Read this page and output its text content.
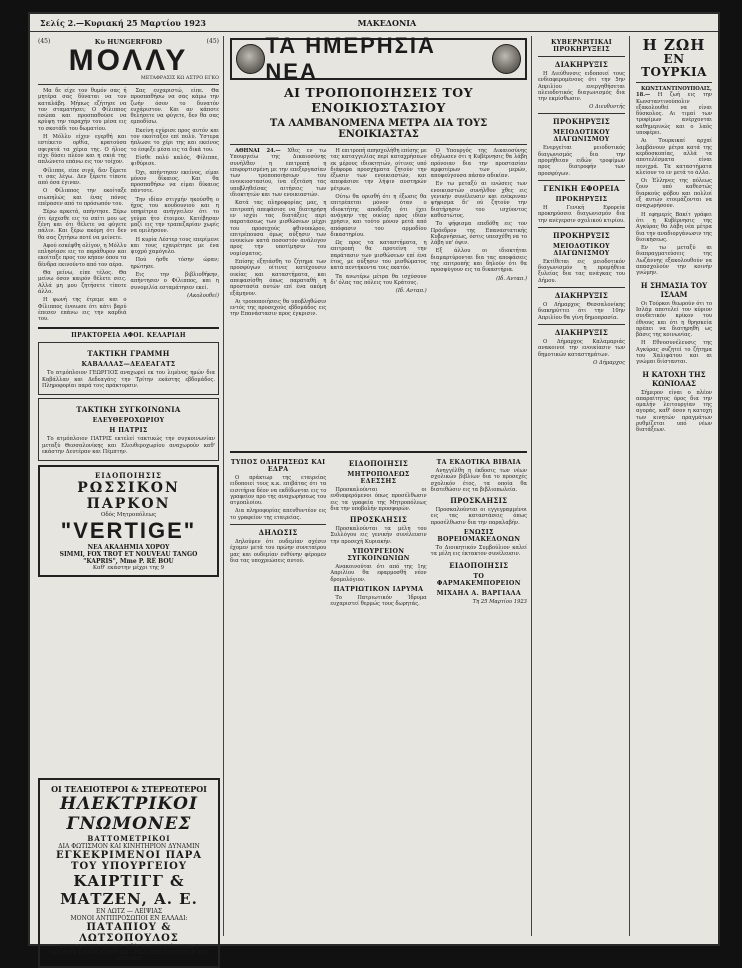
Σελίς 2.—Κυριακή 25 Μαρτίου 1923	ΜΑΚΕΔΟΝΙΑ
(45)	Κυ HUNGERFORD	(45)
ΜΟΛΛΥ
ΜΕΤΑΦΡΑΣΙΣ ΚΩ ΑΣΤΡΟ ΕΓΚΟ

Μα δε είχε τον θυμόν σας ή μητέρα σας δύναται να τον καταλάβη. Μήπως εζήτησε να τον σταματήσει; Ο Φίλιππος εσώπα και προσπαθούσε να κρύψη την ταραχήν του μέσα εις το σκοτάδι του δωματίου.

Η Μόλλυ είχεν εγερθή και εστέκετο ορθία, κρατούσα σφιγκτά τα χέρια της. Ο ήλιος είχε δύσει πλέον και η σκιά της απλώνετο επάνω εις τον τοίχον.

Φίλιππε, είπε σιγά, δεν ξέρετε τι σας λέγω. Δεν ξέρετε τίποτε από όσα έγιναν.

Ο Φίλιππος την εκοίταξε σιωπηλώς και ένας πόνος επέρασεν από το πρόσωπόν του.

Ξέρω αρκετά, απήντησε. Ξέρω ότι έρχεσθε εις το σπίτι μου ως ξένη και ότι θέλετε να φύγετε πάλιν. Και ξέρω ακόμη ότι δεν θα σας ζητήσω ποτέ να μείνετε.

Αφού εσκέφθη ολίγον, η Μόλλυ επλησίασε εις το παράθυρον και εκοίταξε προς τον κήπον όπου τα δένδρα εκινούντο από τον αέρα.

Θα μείνω, είπε τέλος. Θα μείνω όσον καιρόν θέλετε σεις. Αλλά μη μου ζητήσετε τίποτε άλλο.

Η φωνή της έτρεμε και ο Φίλιππος ένοιωσε ότι κάτι βαρύ έπεσεν επάνω εις την καρδιά του.

Σας ευχαριστώ, είπε. Θα προσπαθήσω να σας κάμω την ζωήν όσον το δυνατόν ευχάριστον. Και αν κάποτε θελήσετε να φύγετε, δεν θα σας εμποδίσω.

Εκείνη εγύρισε προς αυτόν και τον εκοίταξεν επί πολύ. Ύστερα ήπλωσε το χέρι της και εκείνος το έσφιξε μέσα εις τα δικά του.

Είσθε πολύ καλός, Φίλιππε, ψιθύρισε.

Όχι, απήντησεν εκείνος, είμαι μόνον δίκαιος. Και θα προσπαθήσω να είμαι δίκαιος πάντοτε.

Την ιδίαν στιγμήν ηκούσθη ο ήχος του κουδουνιού και η υπηρέτρια ανήγγειλεν ότι το γεύμα ήτο έτοιμον. Κατέβησαν μαζί εις την τραπεζαρίαν χωρίς να ομιλήσουν.

Η κυρία Λέστερ τους επερίμενε και τους εχαιρέτησε με ένα ψυχρό χαμόγελο.

Πού ήσθε τόσην ώραν; ηρώτησε.

Εις την βιβλιοθήκην, απήντησεν ο Φίλιππος, και η συνομιλία εσταμάτησεν εκεί.

(Ακολουθεί)

ΠΡΑΚΤΟΡΕΙΑ ΑΦΟΙ. ΚΕΛΑΡΙΔΗ
ΤΑΚΤΙΚΗ ΓΡΑΜΜΗ
ΚΑΒΑΛΛΑΣ—ΔΕΔΕΑΓΑΤΣ

Το ατμόπλοιον ΓΕΩΡΓΙΟΣ αναχωρεί εκ του λιμένος ημών δια Καβάλλαν και Δεδεαγάτς την Τρίτην εκάστης εβδομάδος. Πληροφορίαι παρά τοις πράκτορσιν.

ΤΑΚΤΙΚΗ ΣΥΓΚΟΙΝΩΝΙΑ
ΕΛΕΥΘΕΡΟΧΩΡΙΟΥ
Η ΠΑΤΡΙΣ

Το ατμόπλοιον ΠΑΤΡΙΣ εκτελεί τακτικώς την συγκοινωνίαν μεταξύ Θεσσαλονίκης και Ελευθεροχωρίου αναχωρούν καθ' εκάστην Δευτέραν και Πέμπτην.

ΕΙΔΟΠΟΙΗΣΙΣ
ΡΩΣΣΙΚΟΝ ΠΑΡΚΟΝ
Οδός Μητροπόλεως
"VERTIGE"
ΝΕΑ ΑΚΑΔΗΜΙΑ ΧΟΡΟΥ
SIMMI, FOX TROT ET NOUVEAU TANGO
"KAPRIS", Mme P. RÉ BOU
Καθ' εκάστην μέχρι της 9
ΤΑ ΗΜΕΡΗΣΙΑ ΝΕΑ
ΑΙ ΤΡΟΠΟΠΟΙΗΣΕΙΣ ΤΟΥ ΕΝΟΙΚΙΟΣΤΑΣΙΟΥ
ΤΑ ΛΑΜΒΑΝΟΜΕΝΑ ΜΕΤΡΑ ΔΙΑ ΤΟΥΣ ΕΝΟΙΚΙΑΣΤΑΣ

ΑΘΗΝΑΙ 24.— Χθες εν τω Υπουργείω της Δικαιοσύνης συνήλθεν η επιτροπή η επιφορτισμένη με την επεξεργασίαν των τροποποιήσεων του ενοικιοστασίου, ίνα εξετάση τας υποβληθείσας αιτήσεις των ιδιοκτητών και των ενοικιαστών.

Κατά τας πληροφορίας μας, η επιτροπή απεφάσισε να διατηρήση εν ισχύι τας διατάξεις περί παρατάσεως των μισθώσεων μέχρι του προσεχούς φθινοπώρου, επιτρέπουσα όμως αύξησιν των ενοικίων κατά ποσοστόν ανάλογον προς την υποτίμησιν του νομίσματος.

Επίσης εξητάσθη το ζήτημα των προσφύγων οίτινες κατέχουσιν οικίας και καταστήματα, και απεφασίσθη όπως παραταθή η προστασία αυτών επί ένα ακόμη εξάμηνον.

Αι τροποποιήσεις θα υποβληθώσιν εντός της προσεχούς εβδομάδος εις την Επανάστασιν προς έγκρισιν.

Η επιτροπή απησχολήθη επίσης με τας καταγγελίας περί καταχρήσεων εκ μέρους ιδιοκτητών, οίτινες υπό διάφορα προσχήματα ζητούν την έξωσιν των ενοικιαστών, και απεφάσισε την λήψιν αυστηρών μέτρων.

Ούτω θα ορισθή ότι η έξωσις θα επιτρέπεται μόνον όταν ο ιδιοκτήτης αποδείξη ότι έχει ανάγκην της οικίας προς ιδίαν χρήσιν, και τούτο μόνον μετά από απόφασιν του αρμοδίου δικαστηρίου.

Ως προς τα καταστήματα, η επιτροπή θα προτείνη την παράτασιν των μισθώσεων επί ένα έτος, με αύξησιν του μισθώματος κατά πεντήκοντα τοις εκατόν.

Τα ανωτέρω μέτρα θα ισχύσουν δι' όλας τας πόλεις του Κράτους.

(Ιδ. Ανταπ.)

Ο Υπουργός της Δικαιοσύνης εδήλωσεν ότι η Κυβέρνησις θα λάβη πρόνοιαν δια την προστασίαν αμφοτέρων των μερών, αποφεύγουσα πάσαν αδικίαν.

Εν τω μεταξύ αι ενώσεις των ενοικιαστών συνήλθον χθες εις γενικήν συνέλευσιν και ενέκριναν ψήφισμα δι' ού ζητούν την διατήρησιν του ισχύοντος καθεστώτος.

Το ψήφισμα επεδόθη εις τον Πρόεδρον της Επαναστατικής Κυβερνήσεως, όστις υπεσχέθη να το λάβη υπ' όψιν.

Εξ άλλου οι ιδιοκτήται διαμαρτύρονται δια τας αποφάσεις της επιτροπής και δηλούν ότι θα προσφύγουν εις τα δικαστήρια.

(Ιδ. Ανταπ.)

ΤΥΠΟΣ ΟΔΗΓΗΣΕΩΣ ΚΑΙ ΕΔΡΑ

Ο πράκτωρ της εταιρείας ειδοποιεί τους κ.κ. επιβάτας ότι τα εισιτήρια δέον να εκδίδωνται εις το γραφείον προ της αναχωρήσεως του ατμοπλοίου.

Δια πληροφορίας απευθυντέον εις το γραφείον της εταιρείας.

ΔΗΛΩΣΙΣ

Δηλούμεν ότι ουδεμίαν σχέσιν έχομεν μετά του πρώην συνεταίρου μας και ουδεμίαν ευθύνην φέρομεν δια τας υποχρεώσεις αυτού.

ΕΙΔΟΠΟΙΗΣΙΣ
ΜΗΤΡΟΠΟΛΕΩΣ ΕΔΕΣΣΗΣ

Προσκαλούνται οι ενδιαφερόμενοι όπως προσέλθωσιν εις τα γραφεία της Μητροπόλεως δια την υποβολήν προσφορών.

ΠΡΟΣΚΛΗΣΙΣ

Προσκαλούνται τα μέλη του Συλλόγου εις γενικήν συνέλευσιν την προσεχή Κυριακήν.

ΥΠΟΥΡΓΕΙΟΝ ΣΥΓΚΟΙΝΩΝΙΩΝ

Ανακοινούται ότι από της 1ης Απριλίου θα εφαρμοσθή νέον δρομολόγιον.

ΠΑΤΡΙΩΤΙΚΟΝ ΙΔΡΥΜΑ

Το Πατριωτικόν Ίδρυμα ευχαριστεί θερμώς τους δωρητάς.

ΤΑ ΕΚΔΟΤΙΚΑ ΒΙΒΛΙΑ

Ανηγγέλθη η έκδοσις των νέων σχολικών βιβλίων δια το προσεχές σχολικόν έτος, τα οποία θα διατεθώσιν εις τα βιβλιοπωλεία.

ΠΡΟΣΚΛΗΣΙΣ

Προσκαλούνται οι εγγεγραμμένοι εις τας καταστάσεις όπως προσέλθωσιν δια την παραλαβήν.

ΕΝΩΣΙΣ ΒΟΡΕΙΟΜΑΚΕΔΟΝΩΝ

Το Διοικητικόν Συμβούλιον καλεί τα μέλη εις έκτακτον συνέλευσιν.

ΕΙΔΟΠΟΙΗΣΙΣ
ΤΟ ΦΑΡΜΑΚΕΜΠΟΡΕΙΟΝ
ΜΙΧΑΗΛ Α. ΒΑΡΓΙΑΛΑ
Τη 25 Μαρτίου 1923
ΚΥΒΕΡΝΗΤΙΚΑΙ ΠΡΟΚΗΡΥΞΕΙΣ
ΔΙΑΚΗΡΥΞΙΣ

Η Διεύθυνσις ειδοποιεί τους ενδιαφερομένους ότι την 5ην Απριλίου ενεργηθήσεται πλειοδοτικός διαγωνισμός δια την εκμίσθωσιν.

Ο Διευθυντής
ΠΡΟΚΗΡΥΞΙΣ
ΜΕΙΟΔΟΤΙΚΟΥ ΔΙΑΓΩΝΙΣΜΟΥ

Ενεργείται μειοδοτικός διαγωνισμός δια την προμήθειαν ειδών τροφίμων προς διατροφήν των προσφύγων.

ΓΕΝΙΚΗ ΕΦΟΡΕΙΑ
ΠΡΟΚΗΡΥΞΙΣ

Η Γενική Εφορεία προκηρύσσει διαγωνισμόν δια την ανέγερσιν σχολικού κτιρίου.

ΠΡΟΚΗΡΥΞΙΣ
ΜΕΙΟΔΟΤΙΚΟΥ ΔΙΑΓΩΝΙΣΜΟΥ

Εκτίθεται εις μειοδοτικόν διαγωνισμόν η προμήθεια ξυλείας δια τας ανάγκας του Δήμου.

ΔΙΑΚΗΡΥΞΙΣ

Ο Δήμαρχος Θεσσαλονίκης διακηρύττει ότι την 10ην Απριλίου θα γίνη δημοπρασία.

ΔΙΑΚΗΡΥΞΙΣ

Ο Δήμαρχος Καλαμαριάς ανακοινοί την ενοικίασιν των δημοτικών καταστημάτων.

Ο Δήμαρχος
Η ΖΩΗ
ΕΝ ΤΟΥΡΚΙΑ

ΚΩΝΣΤΑΝΤΙΝΟΥΠΟΛΙΣ, 18.— Η ζωή εις την Κωνσταντινούπολιν εξακολουθεί να είναι δύσκολος. Αι τιμαί των τροφίμων ανέρχονται καθημερινώς και ο λαός υποφέρει.

Αι Τουρκικαί αρχαί λαμβάνουν μέτρα κατά της κερδοσκοπίας, αλλά τα αποτελέσματα είναι πενιχρά. Τα καταστήματα κλείουν το εν μετά το άλλο.

Οι Έλληνες της πόλεως ζουν υπό καθεστώς διαρκούς φόβου και πολλοί εξ αυτών ετοιμάζονται να αναχωρήσουν.

Η εφημερίς Βακίτ γράφει ότι η Κυβέρνησις της Αγκύρας θα λάβη νέα μέτρα δια την αναδιοργάνωσιν της διοικήσεως.

Εν τω μεταξύ αι διαπραγματεύσεις της Λωζάννης εξακολουθούν να απασχολούν την κοινήν γνώμην.

Η ΣΗΜΑΣΙΑ ΤΟΥ ΙΣΛΑΜ

Οι Τούρκοι θεωρούν ότι το Ισλάμ αποτελεί τον κύριον συνδετικόν κρίκον του έθνους και ότι η θρησκεία πρέπει να διατηρηθή ως βάσις της κοινωνίας.

Η Εθνοσυνέλευσις της Αγκύρας συζητεί το ζήτημα του Χαλιφάτου και αι γνώμαι διίστανται.

Η ΚΑΤΟΧΗ ΤΗΣ ΚΩΝΙΟΛΑΣ

Σήμερον είναι ο πλέον απαραίτητος όρος δια την ομαλήν λειτουργίαν της αγοράς, καθ' όσον η κατοχή των κινητών πραγμάτων ρυθμίζεται υπό νέων διατάξεων.

ΟΙ ΤΕΛΕΙΟΤΕΡΟΙ & ΣΤΕΡΕΩΤΕΡΟΙ
ΗΛΕΚΤΡΙΚΟΙ ΓΝΩΜΟΝΕΣ
ΒΑΤΤΟΜΕΤΡΙΚΟΙ
ΔΙΑ ΦΩΤΙΣΜΟΝ ΚΑΙ ΚΙΝΗΤΗΡΙΟΝ ΔΥΝΑΜΙΝ
ΕΓΚΕΚΡΙΜΕΝΟΙ ΠΑΡΑ ΤΟΥ ΥΠΟΥΡΓΕΙΟΥ
ΚΑΙΡΤΙΓΓ & ΜΑΤΖΕΝ, Α. Ε.
ΕΝ ΛΩΤΖ — ΛΕΙΨΙΑΣ
ΜΟΝΟΙ ΑΝΤΙΠΡΟΣΩΠΟΙ ΕΝ ΕΛΛΑΔΙ:
ΠΑΤΑΠΙΟΥ & ΛΩΤΣΟΠΟΥΛΟΣ
ΣΤΟΑ ΧΑΤΖΗ ΟΣΜΑΝ, Οδός Κωνσταντίνου αρ. 3
ΔΙΑΡΚΗΣ ΠΑΡΑΚΑΤΑΘΗΚΗ—ΠΩΛΗΣΙΣ ΧΟΝΔΡΙΚΗ ΚΑΙ ΛΙΑΝΙΚΗ
